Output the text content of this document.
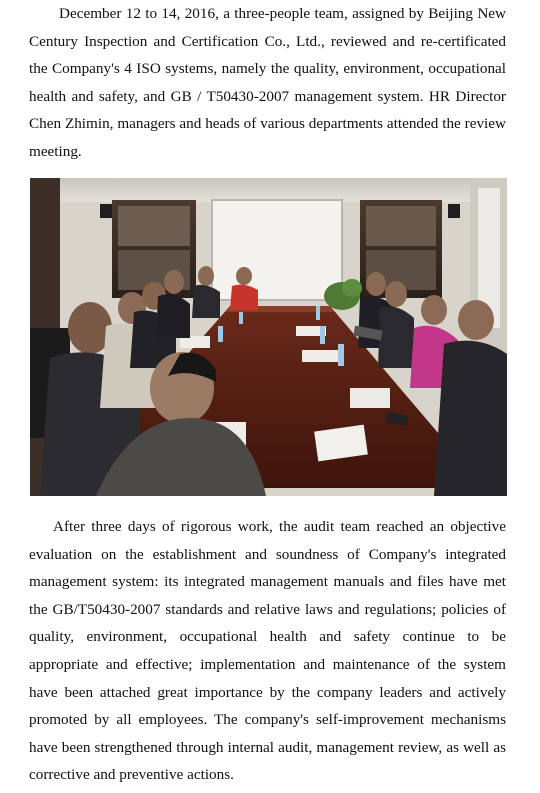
December 12 to 14, 2016, a three-people team, assigned by Beijing New Century Inspection and Certification Co., Ltd., reviewed and re-certificated the Company's 4 ISO systems, namely the quality, environment, occupational health and safety, and GB / T50430-2007 management system. HR Director Chen Zhimin, managers and heads of various departments attended the review meeting.

After three days of rigorous work, the audit team reached an objective evaluation on the establishment and soundness of Company's integrated management system: its integrated management manuals and files have met the GB/T50430-2007 standards and relative laws and regulations; policies of quality, environment, occupational health and safety continue to be appropriate and effective; implementation and maintenance of the system have been attached great importance by the company leaders and actively promoted by all employees. The company's self-improvement mechanisms have been strengthened through internal audit, management review, as well as corrective and preventive actions.
